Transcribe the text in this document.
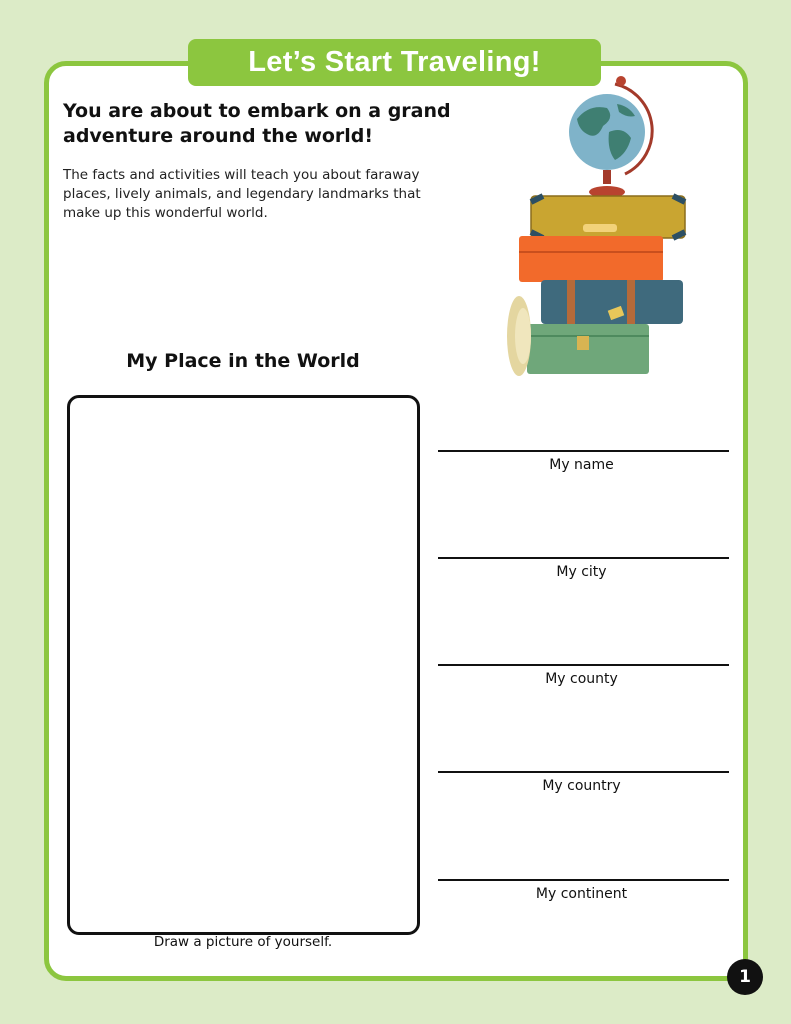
Let’s Start Traveling!
You are about to embark on a grand adventure around the world!
The facts and activities will teach you about faraway places, lively animals, and legendary landmarks that make up this wonderful world.
My Place in the World
Draw a picture of yourself.
My name
My city
My county
My country
My continent
1
